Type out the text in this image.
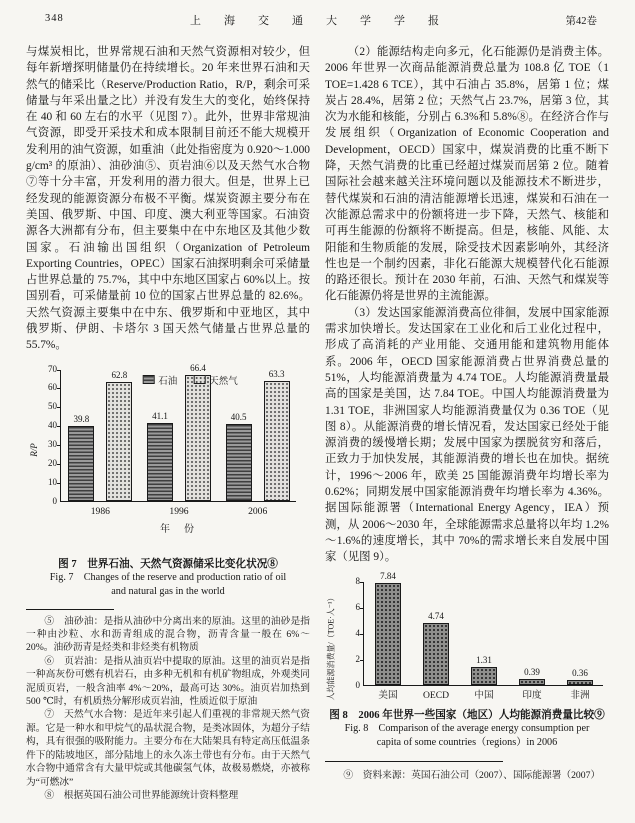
348	上　海　交　通　大　学　学　报	第42卷
与煤炭相比，世界常规石油和天然气资源相对较少，但每年新增探明储量仍在持续增长。20 年来世界石油和天然气的储采比（Reserve/Production Ratio，R/P，剩余可采储量与年采出量之比）并没有发生大的变化，始终保持在 40 和 60 左右的水平（见图 7）。此外，世界非常规油气资源，即受开采技术和成本限制目前还不能大规模开发利用的油气资源，如重油（此处指密度为 0.920～1.000 g/cm³ 的原油）、油砂油⑤、页岩油⑥以及天然气水合物⑦等十分丰富，开发利用的潜力很大。但是，世界上已经发现的能源资源分布极不平衡。煤炭资源主要分布在美国、俄罗斯、中国、印度、澳大利亚等国家。石油资源各大洲都有分布，但主要集中在中东地区及其他少数国家。石油输出国组织（Organization of Petroleum Exporting Countries，OPEC）国家石油探明剩余可采储量占世界总量的 75.7%，其中中东地区国家占 60%以上。按国别看，可采储量前 10 位的国家占世界总量的 82.6%。天然气资源主要集中在中东、俄罗斯和中亚地区，其中俄罗斯、伊朗、卡塔尔 3 国天然气储量占世界总量的 55.7%。
R/P
0
10
20
30
40
50
60
70
39.8
62.8
1986
41.1
66.4
1996
40.5
63.3
2006
石油	天然气
年　份
图 7　世界石油、天然气资源储采比变化状况⑧
Fig. 7　Changes of the reserve and production ratio of oil
and natural gas in the world
⑤　油砂油：是指从油砂中分离出来的原油。这里的油砂是指一种由沙粒、水和沥青组成的混合物，沥青含量一般在 6%～20%。油砂沥青是烃类和非烃类有机物质
⑥　页岩油：是指从油页岩中提取的原油。这里的油页岩是指一种高灰份可燃有机岩石，由多种无机和有机矿物组成，外观类同泥质页岩，一般含油率 4%～20%，最高可达 30%。油页岩加热到 500 ℃时，有机质热分解形成页岩油，性质近似于原油
⑦　天然气水合物：是近年来引起人们重视的非常规天然气资源。它是一种水和甲烷气的晶状混合物，是类冰固体，为超分子结构，具有很强的吸附能力。主要分布在大陆架具有特定高压低温条件下的陆坡地区，部分陆地上的永久冻土带也有分布。由于天然气水合物中通常含有大量甲烷或其他碳氢气体，故极易燃烧，亦被称为“可燃冰”
⑧　根据英国石油公司世界能源统计资料整理
（2）能源结构走向多元，化石能源仍是消费主体。2006 年世界一次商品能源消费总量为 108.8 亿 TOE（1 TOE=1.428 6 TCE），其中石油占 35.8%，居第 1 位；煤炭占 28.4%，居第 2 位；天然气占 23.7%，居第 3 位，其次为水能和核能，分别占 6.3%和 5.8%⑧。在经济合作与发展组织（Organization of Economic Cooperation and Development，OECD）国家中，煤炭消费的比重不断下降，天然气消费的比重已经超过煤炭而居第 2 位。随着国际社会越来越关注环境问题以及能源技术不断进步，替代煤炭和石油的清洁能源增长迅速，煤炭和石油在一次能源总需求中的份额将进一步下降，天然气、核能和可再生能源的份额将不断提高。但是，核能、风能、太阳能和生物质能的发展，除受技术因素影响外，其经济性也是一个制约因素，非化石能源大规模替代化石能源的路还很长。预计在 2030 年前，石油、天然气和煤炭等化石能源仍将是世界的主流能源。
（3）发达国家能源消费高位徘徊，发展中国家能源需求加快增长。发达国家在工业化和后工业化过程中，形成了高消耗的产业用能、交通用能和建筑物用能体系。2006 年，OECD 国家能源消费占世界消费总量的 51%，人均能源消费量为 4.74 TOE。人均能源消费量最高的国家是美国，达 7.84 TOE。中国人均能源消费量为 1.31 TOE，非洲国家人均能源消费量仅为 0.36 TOE（见图 8）。从能源消费的增长情况看，发达国家已经处于能源消费的缓慢增长期；发展中国家为摆脱贫穷和落后，正致力于加快发展，其能源消费的增长也在加快。据统计，1996～2006 年，欧美 25 国能源消费年均增长率为 0.62%；同期发展中国家能源消费年均增长率为 4.36%。据国际能源署（International Energy Agency，IEA）预测，从 2006～2030 年，全球能源需求总量将以年均 1.2%～1.6%的速度增长，其中 70%的需求增长来自发展中国家（见图 9）。
人均能源消费量/（TOE·人⁻¹）	0
2
4
6
8 7.84
美国
4.74
OECD
1.31
中国
0.39
印度
0.36
非洲
图 8　2006 年世界一些国家（地区）人均能源消费量比较⑨
Fig. 8　Comparison of the average energy consumption per
capita of some countries（regions）in 2006
⑨　资料来源：英国石油公司（2007）、国际能源署（2007）
